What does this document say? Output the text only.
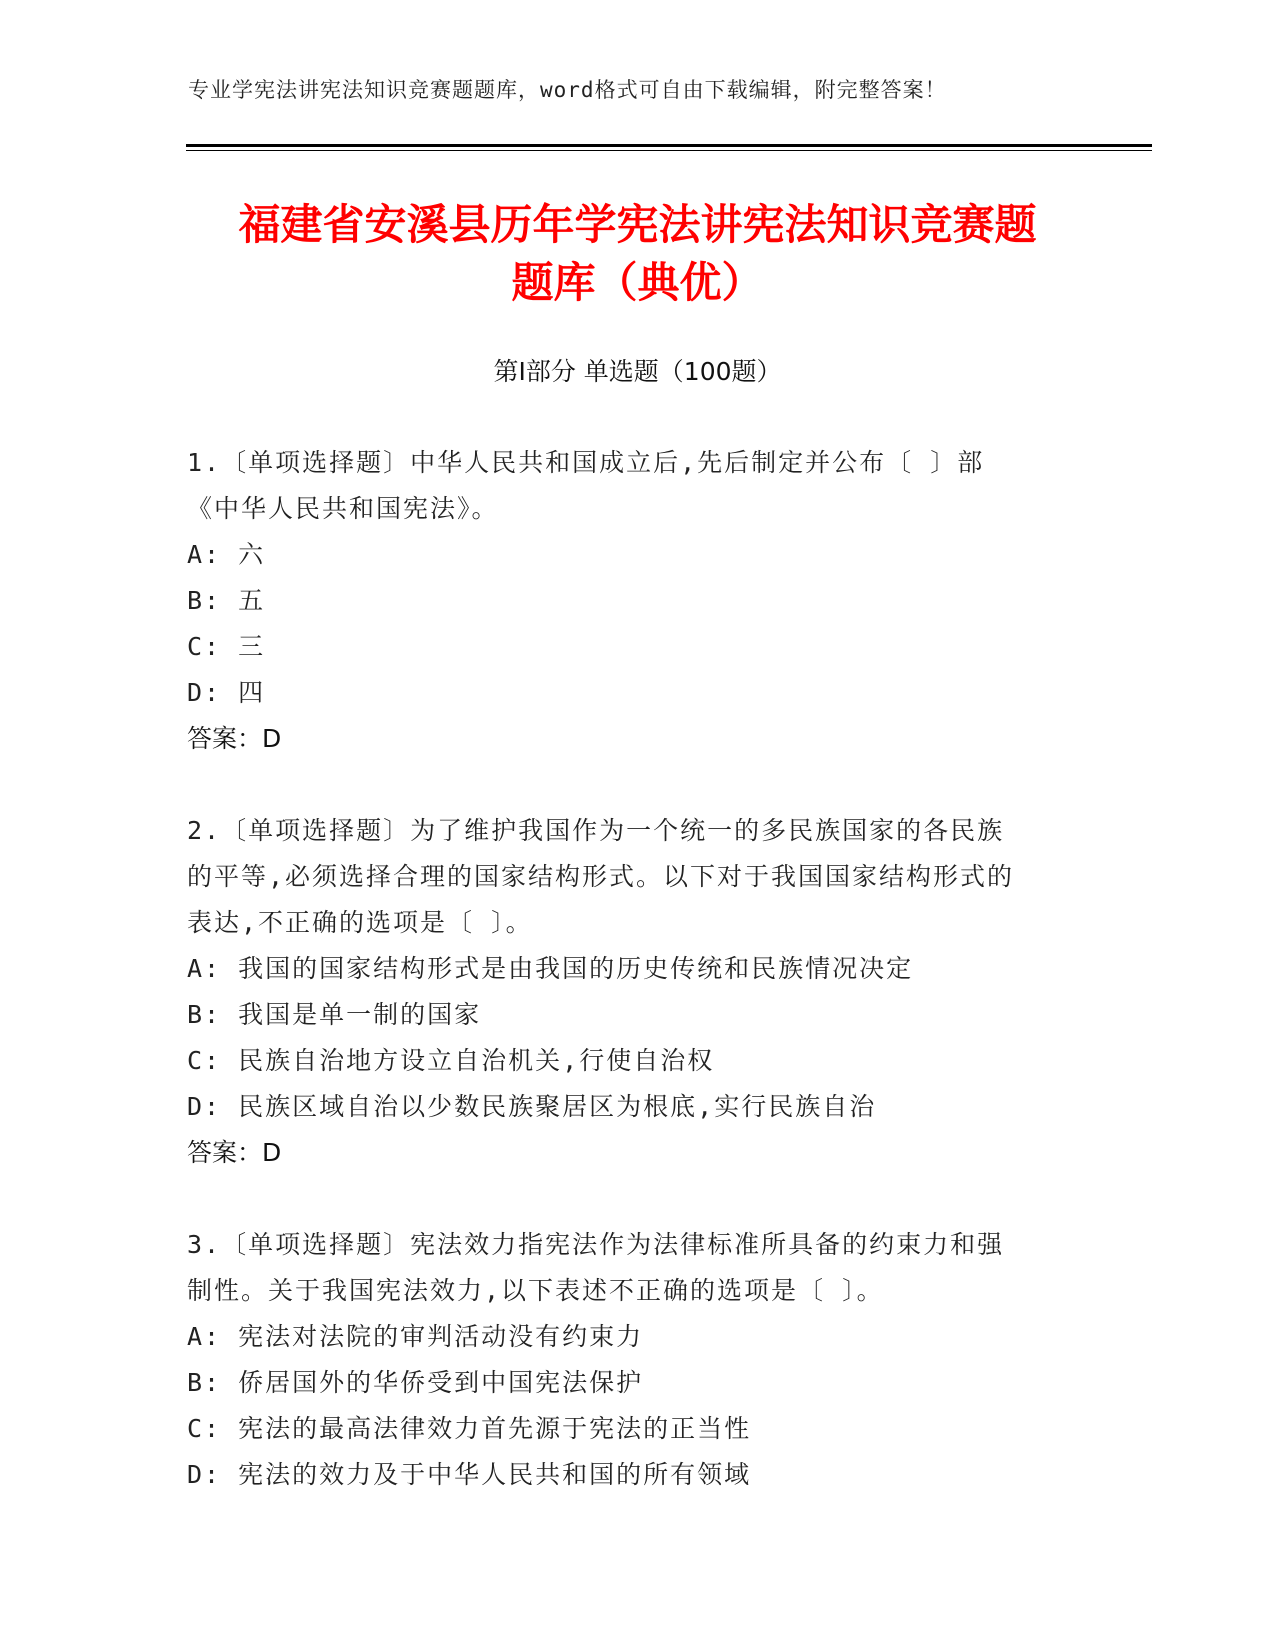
专业学宪法讲宪法知识竞赛题题库，word格式可自由下载编辑，附完整答案！
福建省安溪县历年学宪法讲宪法知识竞赛题
题库（典优）
第Ⅰ部分 单选题（100题）
1.〔单项选择题〕中华人民共和国成立后,先后制定并公布〔 〕部
《中华人民共和国宪法》。
A: 六
B: 五
C: 三
D: 四
答案：D
2.〔单项选择题〕为了维护我国作为一个统一的多民族国家的各民族
的平等,必须选择合理的国家结构形式。以下对于我国国家结构形式的
表达,不正确的选项是〔 〕。
A: 我国的国家结构形式是由我国的历史传统和民族情况决定
B: 我国是单一制的国家
C: 民族自治地方设立自治机关,行使自治权
D: 民族区域自治以少数民族聚居区为根底,实行民族自治
答案：D
3.〔单项选择题〕宪法效力指宪法作为法律标准所具备的约束力和强
制性。关于我国宪法效力,以下表述不正确的选项是〔 〕。
A: 宪法对法院的审判活动没有约束力
B: 侨居国外的华侨受到中国宪法保护
C: 宪法的最高法律效力首先源于宪法的正当性
D: 宪法的效力及于中华人民共和国的所有领域
